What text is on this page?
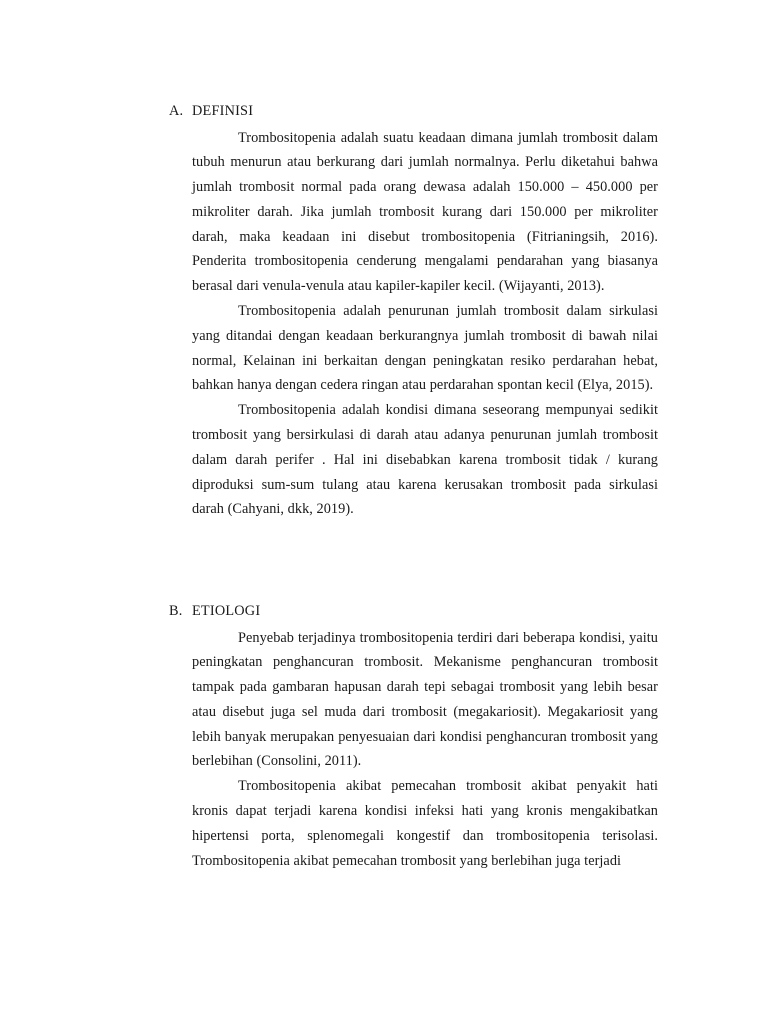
A. DEFINISI

Trombositopenia adalah suatu keadaan dimana jumlah trombosit dalam tubuh menurun atau berkurang dari jumlah normalnya. Perlu diketahui bahwa jumlah trombosit normal pada orang dewasa adalah 150.000 – 450.000 per mikroliter darah. Jika jumlah trombosit kurang dari 150.000 per mikroliter darah, maka keadaan ini disebut trombositopenia (Fitrianingsih, 2016). Penderita trombositopenia cenderung mengalami pendarahan yang biasanya berasal dari venula-venula atau kapiler-kapiler kecil. (Wijayanti, 2013).

Trombositopenia adalah penurunan jumlah trombosit dalam sirkulasi yang ditandai dengan keadaan berkurangnya jumlah trombosit di bawah nilai normal, Kelainan ini berkaitan dengan peningkatan resiko perdarahan hebat, bahkan hanya dengan cedera ringan atau perdarahan spontan kecil (Elya, 2015).

Trombositopenia adalah kondisi dimana seseorang mempunyai sedikit trombosit yang bersirkulasi di darah atau adanya penurunan jumlah trombosit dalam darah perifer . Hal ini disebabkan karena trombosit tidak / kurang diproduksi sum-sum tulang atau karena kerusakan trombosit pada sirkulasi darah (Cahyani, dkk, 2019).

B. ETIOLOGI

Penyebab terjadinya trombositopenia terdiri dari beberapa kondisi, yaitu peningkatan penghancuran trombosit. Mekanisme penghancuran trombosit tampak pada gambaran hapusan darah tepi sebagai trombosit yang lebih besar atau disebut juga sel muda dari trombosit (megakariosit). Megakariosit yang lebih banyak merupakan penyesuaian dari kondisi penghancuran trombosit yang berlebihan (Consolini, 2011).

Trombositopenia akibat pemecahan trombosit akibat penyakit hati kronis dapat terjadi karena kondisi infeksi hati yang kronis mengakibatkan hipertensi porta, splenomegali kongestif dan trombositopenia terisolasi. Trombositopenia akibat pemecahan trombosit yang berlebihan juga terjadi
